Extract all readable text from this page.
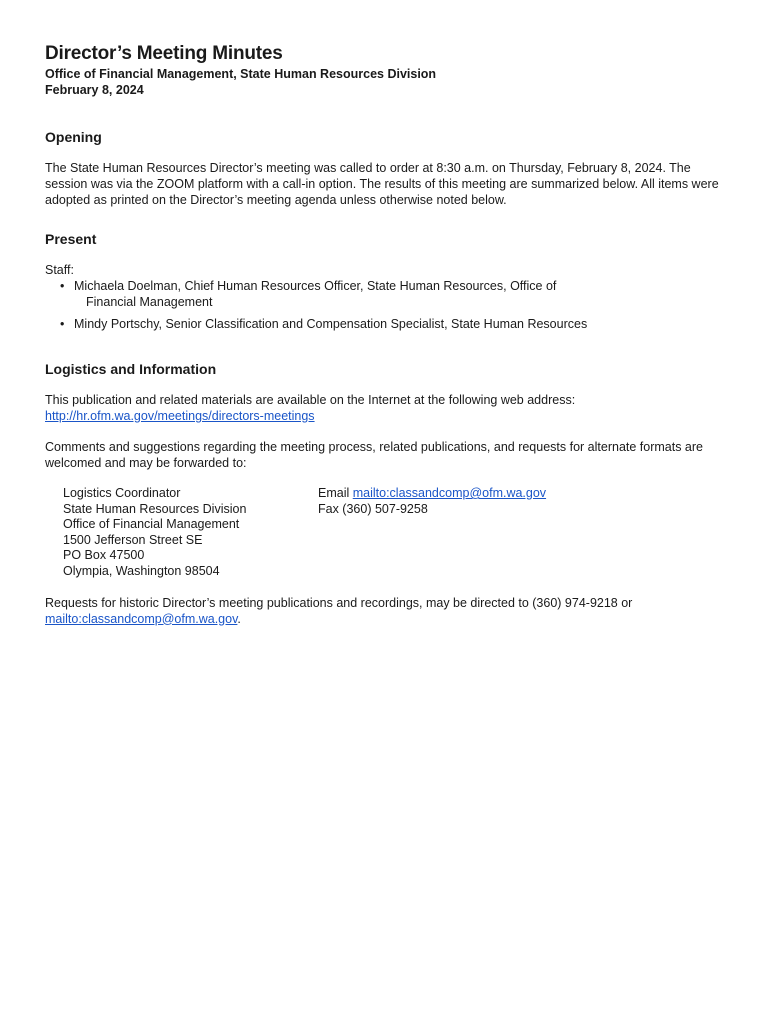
Director’s Meeting Minutes

Office of Financial Management, State Human Resources Division

February 8, 2024

Opening

The State Human Resources Director’s meeting was called to order at 8:30 a.m. on Thursday, February 8, 2024. The session was via the ZOOM platform with a call-in option. The results of this meeting are summarized below. All items were adopted as printed on the Director’s meeting agenda unless otherwise noted below.

Present

Staff:

• Michaela Doelman, Chief Human Resources Officer, State Human Resources, Office of
Financial Management
• Mindy Portschy, Senior Classification and Compensation Specialist, State Human Resources
Logistics and Information

This publication and related materials are available on the Internet at the following web address:
http://hr.ofm.wa.gov/meetings/directors-meetings

Comments and suggestions regarding the meeting process, related publications, and requests for alternate formats are welcomed and may be forwarded to:

Logistics Coordinator
State Human Resources Division
Office of Financial Management
1500 Jefferson Street SE
PO Box 47500
Olympia, Washington 98504
Email mailto:classandcomp@ofm.wa.gov
Fax (360) 507-9258

Requests for historic Director’s meeting publications and recordings, may be directed to (360) 974-9218 or mailto:classandcomp@ofm.wa.gov.
